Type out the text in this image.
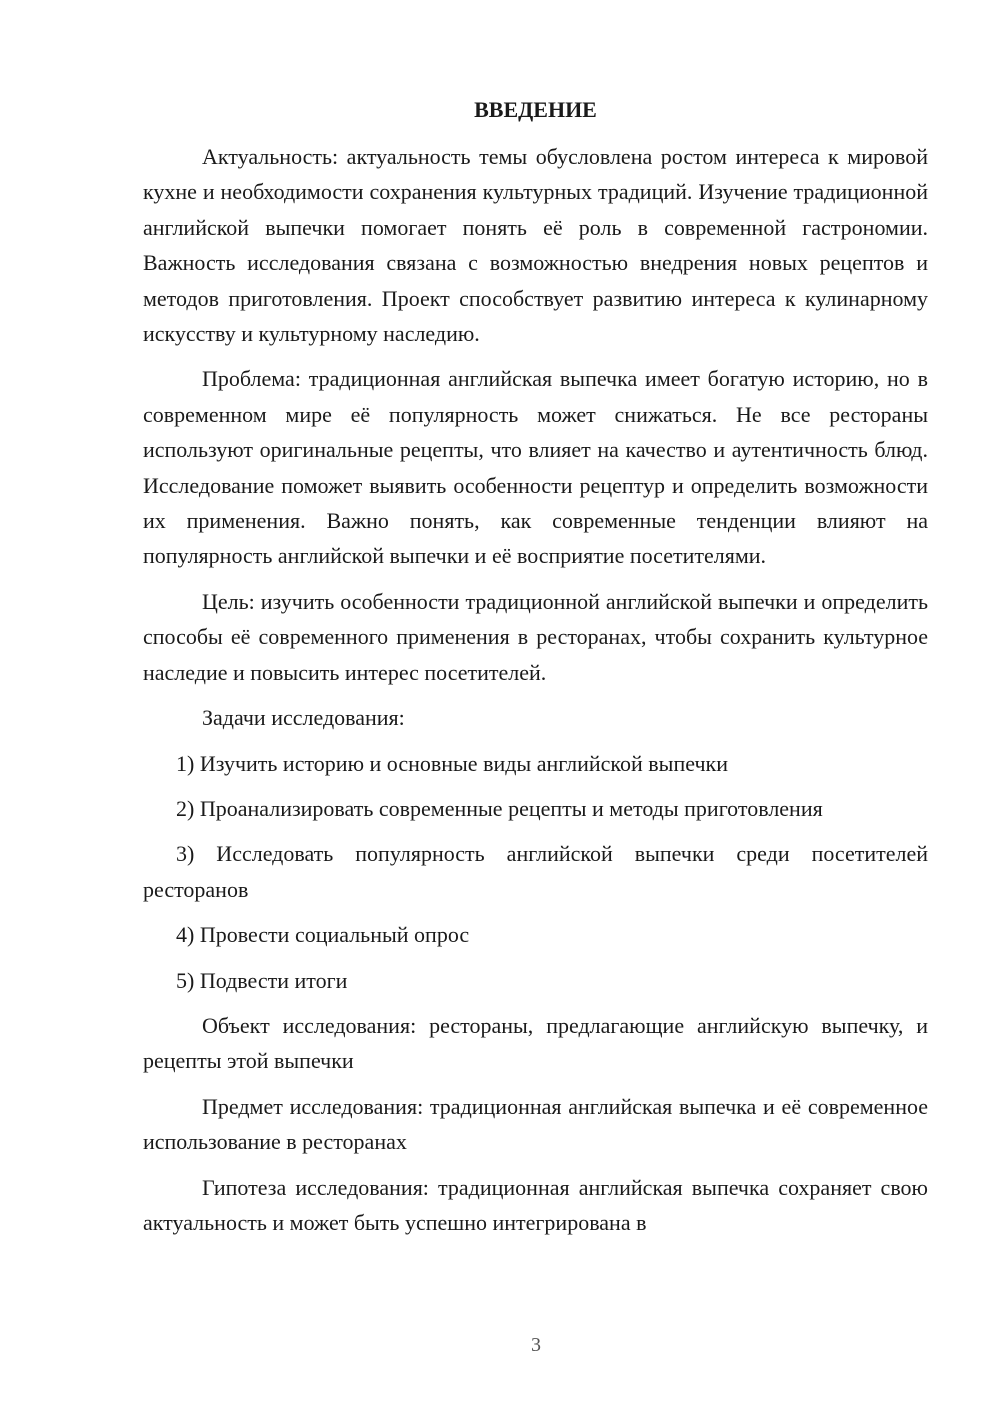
ВВЕДЕНИЕ

Актуальность: актуальность темы обусловлена ростом интереса к мировой кухне и необходимости сохранения культурных традиций. Изучение традиционной английской выпечки помогает понять её роль в современной гастрономии. Важность исследования связана с возможностью внедрения новых рецептов и методов приготовления. Проект способствует развитию интереса к кулинарному искусству и культурному наследию.

Проблема: традиционная английская выпечка имеет богатую историю, но в современном мире её популярность может снижаться. Не все рестораны используют оригинальные рецепты, что влияет на качество и аутентичность блюд. Исследование поможет выявить особенности рецептур и определить возможности их применения. Важно понять, как современные тенденции влияют на популярность английской выпечки и её восприятие посетителями.

Цель: изучить особенности традиционной английской выпечки и определить способы её современного применения в ресторанах, чтобы сохранить культурное наследие и повысить интерес посетителей.

Задачи исследования:

1) Изучить историю и основные виды английской выпечки

2) Проанализировать современные рецепты и методы приготовления

3) Исследовать популярность английской выпечки среди посетителей ресторанов

4) Провести социальный опрос

5) Подвести итоги

Объект исследования: рестораны, предлагающие английскую выпечку, и рецепты этой выпечки

Предмет исследования: традиционная английская выпечка и её современное использование в ресторанах

Гипотеза исследования: традиционная английская выпечка сохраняет свою актуальность и может быть успешно интегрирована в

3
